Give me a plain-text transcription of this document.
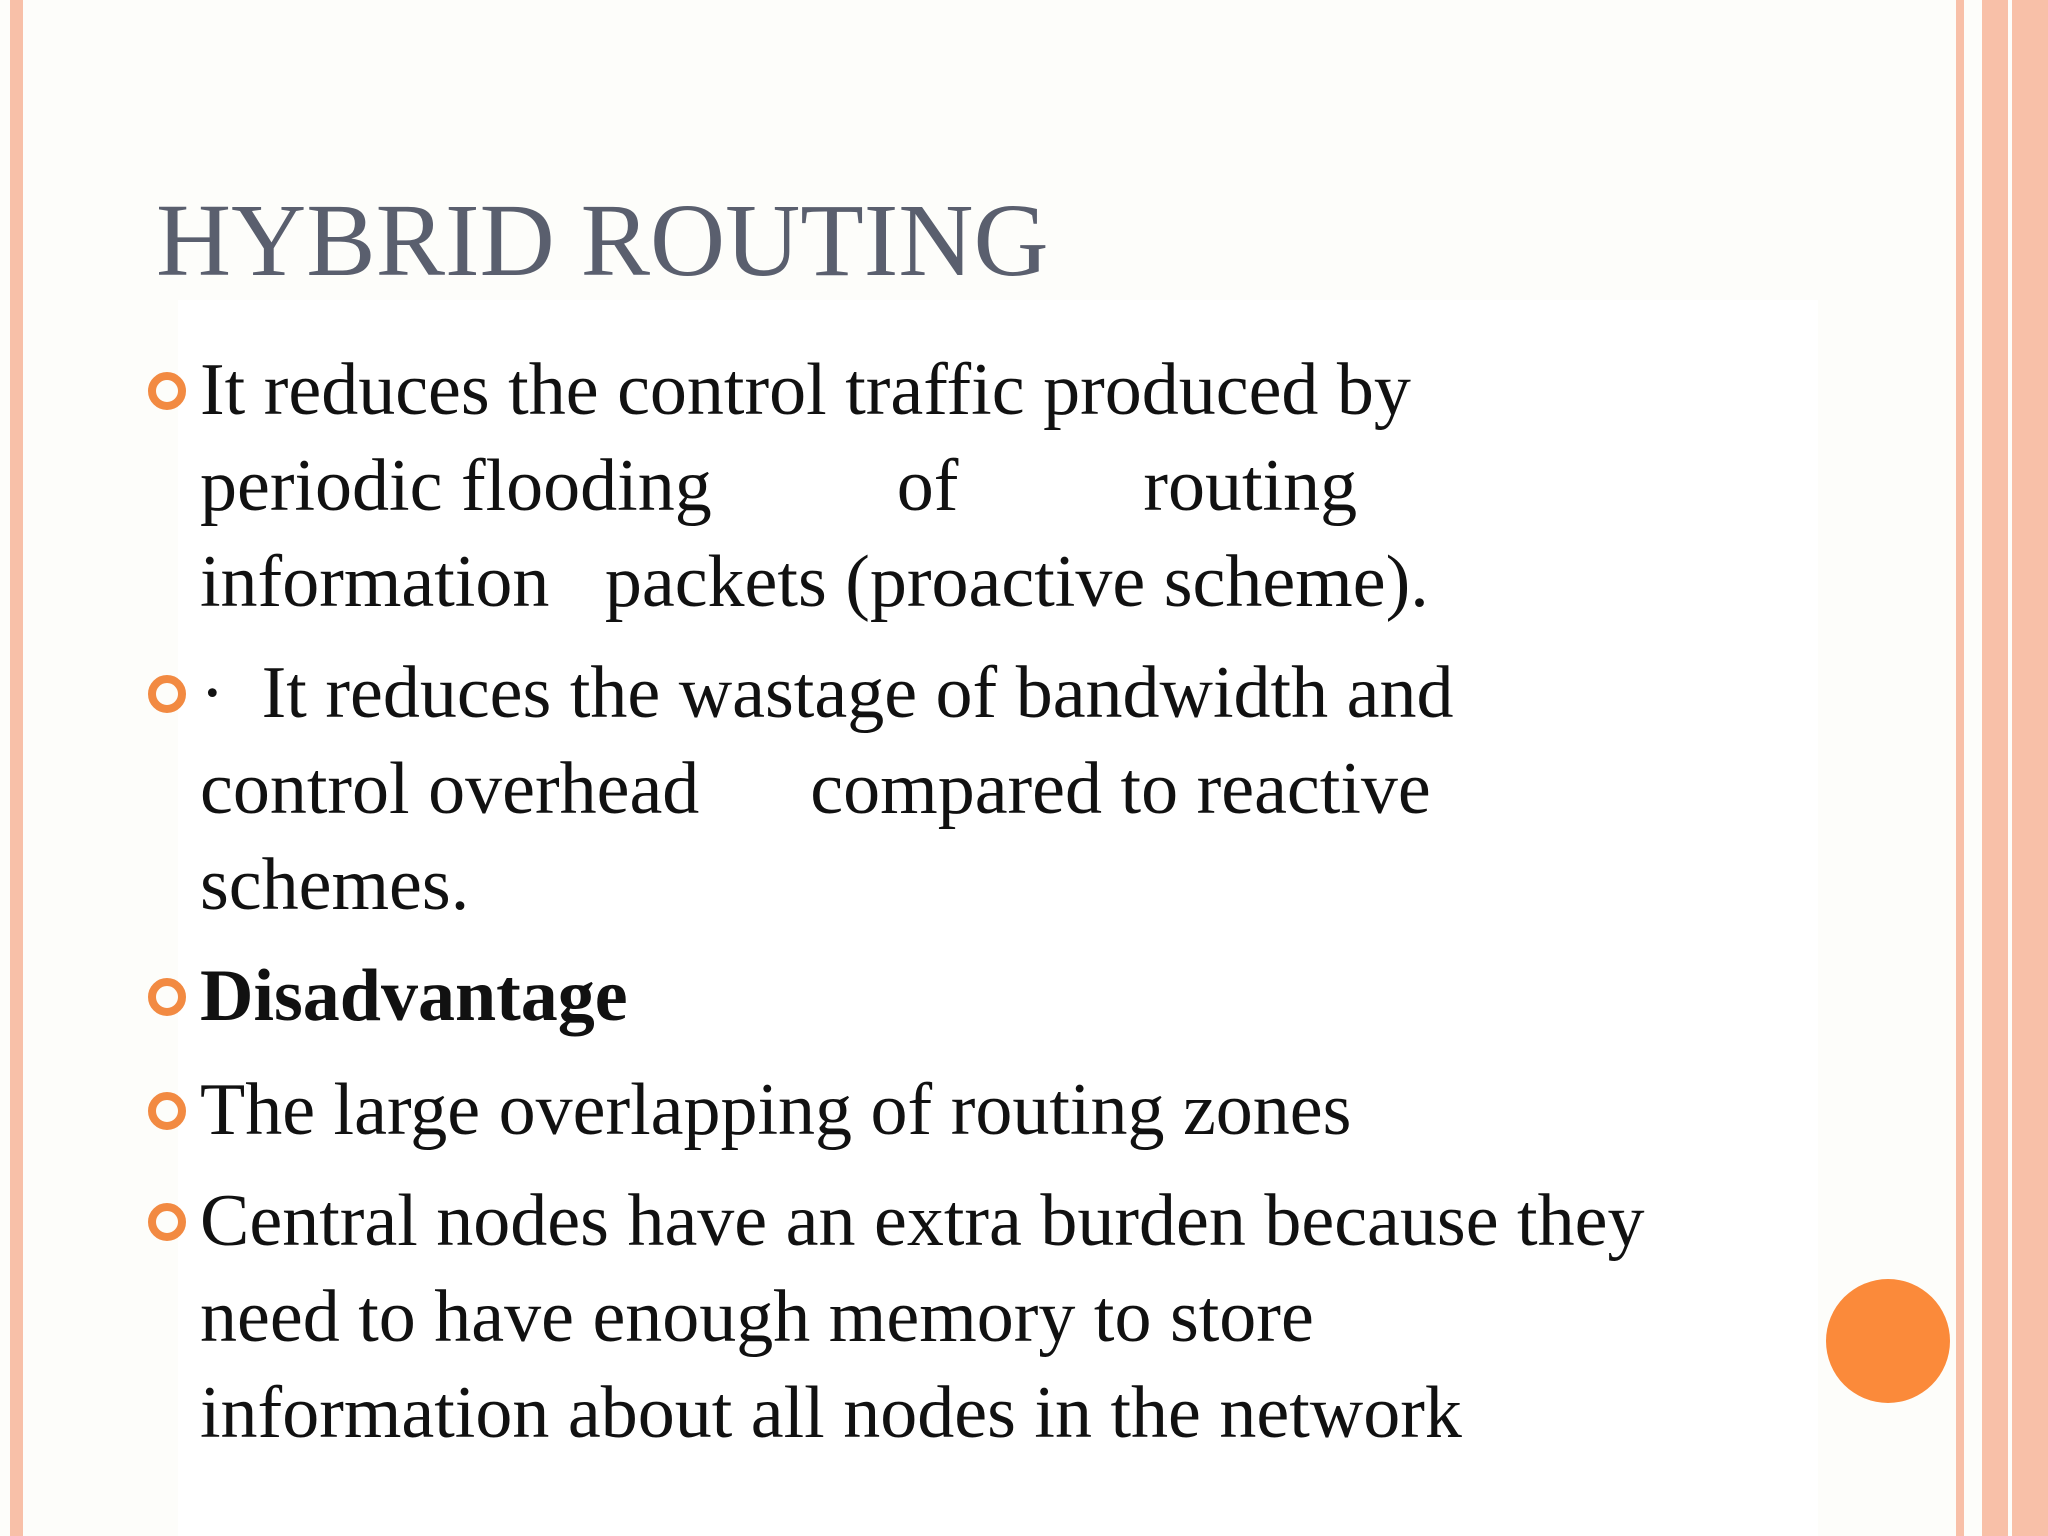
HYBRID ROUTING
It reduces the control traffic produced by
periodic flooding          of          routing
information   packets (proactive scheme).
·  It reduces the wastage of bandwidth and
control overhead      compared to reactive
schemes.
Disadvantage
The large overlapping of routing zones
Central nodes have an extra burden because they
need to have enough memory to store
information about all nodes in the network
